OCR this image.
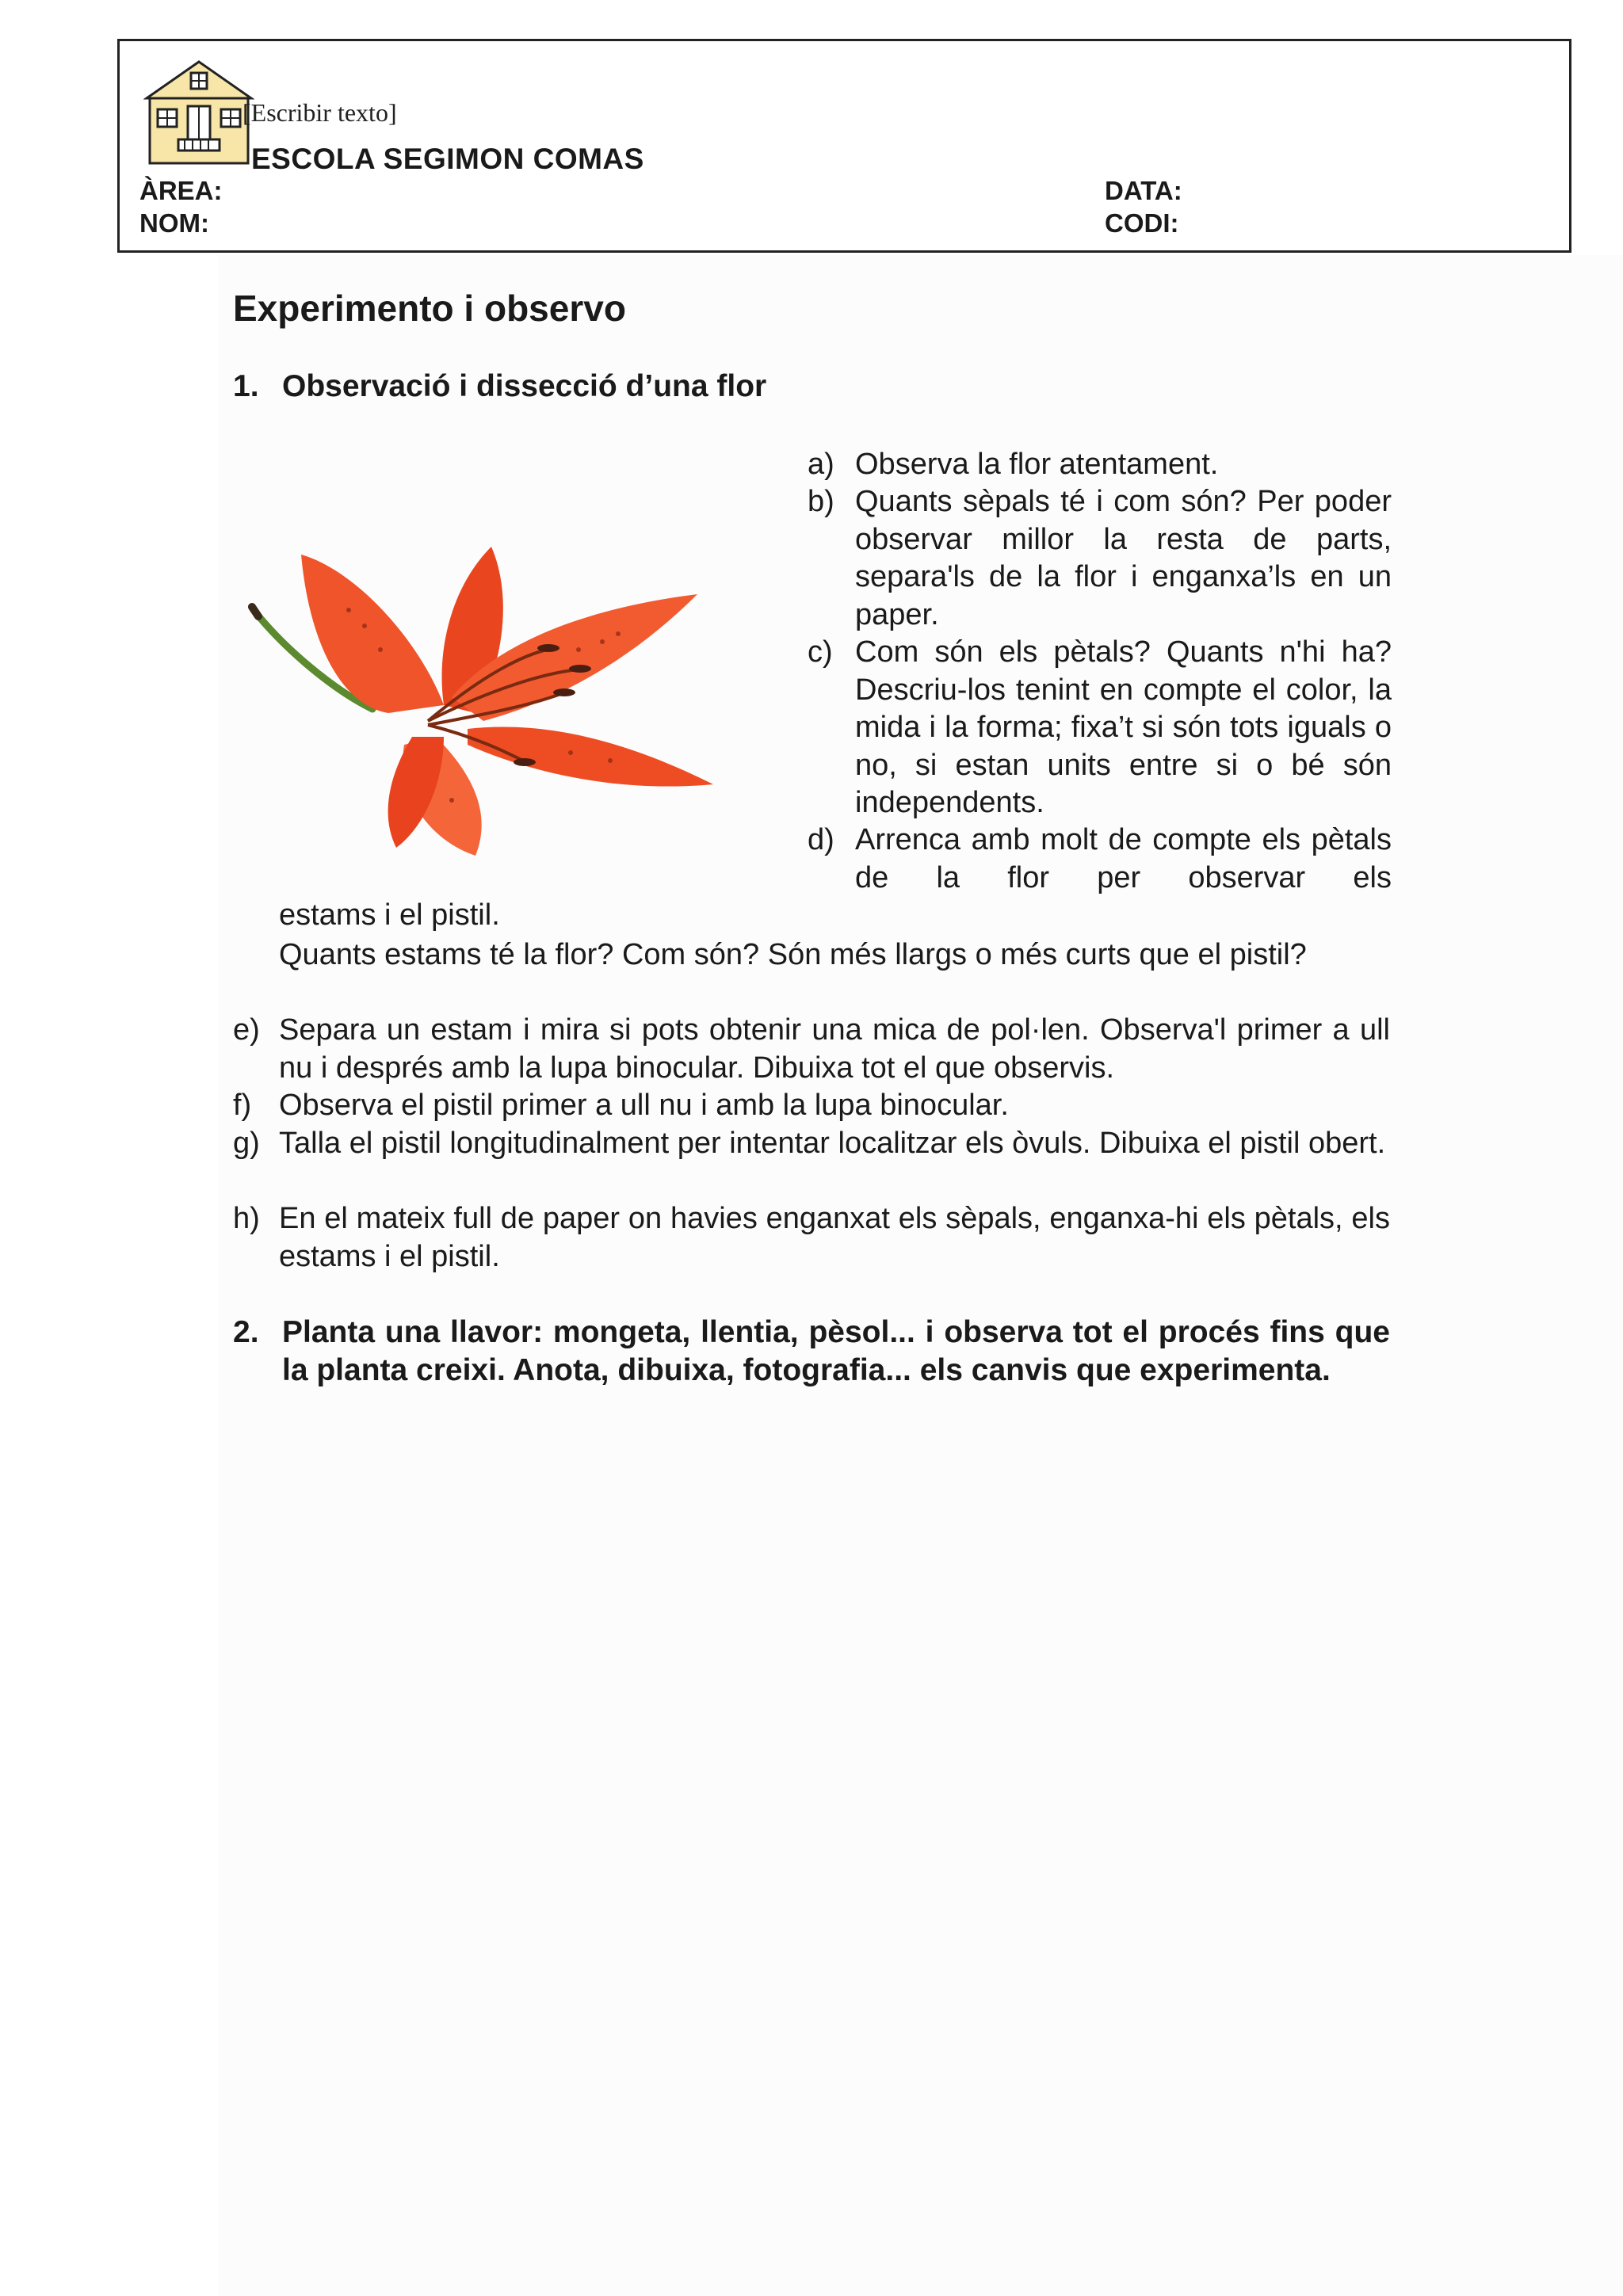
[Escribir texto]
ESCOLA SEGIMON COMAS
ÀREA:
NOM:
DATA:
CODI:
Experimento i observo
1. Observació i dissecció d’una flor
a) Observa la flor atentament.
b) Quants sèpals té i com són? Per poder observar millor la resta de parts, separa'ls de la flor i enganxa’ls en un paper.
c) Com són els pètals? Quants n'hi ha? Descriu-los tenint en compte el color, la mida i la forma; fixa’t si són tots iguals o no, si estan units entre si o bé són independents.
d) Arrenca amb molt de compte els pètals de la flor per observar els
estams i el pistil.
Quants estams té la flor? Com són? Són més llargs o més curts que el pistil?
e) Separa un estam i mira si pots obtenir una mica de pol·len. Observa'l primer a ull nu i després amb la lupa binocular. Dibuixa tot el que observis.
f) Observa el pistil primer a ull nu i amb la lupa binocular.
g) Talla el pistil longitudinalment per intentar localitzar els òvuls. Dibuixa el pistil obert.
h) En el mateix full de paper on havies enganxat els sèpals, enganxa-hi els pètals, els estams i el pistil.
2. Planta una llavor: mongeta, llentia, pèsol... i observa tot el procés fins que la planta creixi. Anota, dibuixa, fotografia... els canvis que experimenta.
